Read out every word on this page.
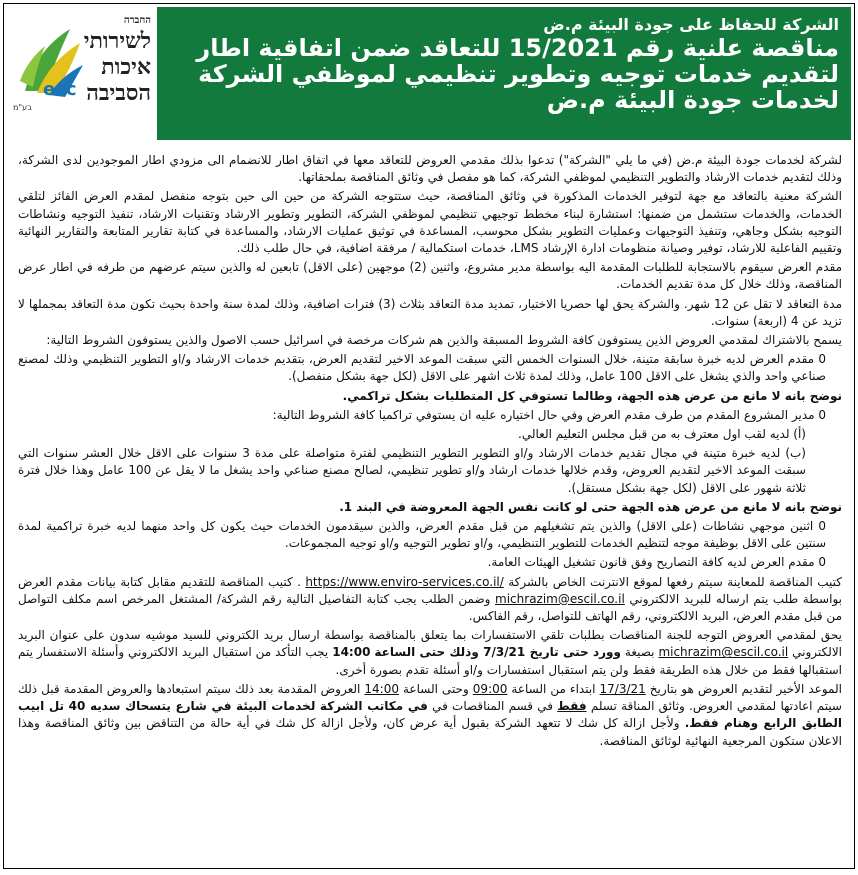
החברה
לשירותי
איכות
הסביבה
esc
בע"מ
الشركة للحفاظ على جودة البيئة م.ض
مناقصة علنية رقم 15/2021 للتعاقد ضمن اتفاقية اطار
لتقديم خدمات توجيه وتطوير تنظيمي لموظفي الشركة
لخدمات جودة البيئة م.ض

لشركة لخدمات جودة البيئة م.ض (في ما يلي "الشركة") تدعوا بذلك مقدمي العروض للتعاقد معها في اتفاق اطار للانضمام الى مزودي اطار الموجودين لدى الشركة، وذلك لتقديم خدمات الارشاد والتطوير التنظيمي لموظفي الشركة، كما هو مفصل في وثائق المناقصة بملحقاتها.

الشركة معنية بالتعاقد مع جهة لتوفير الخدمات المذكورة في وثائق المناقصة، حيث ستتوجه الشركة من حين الى حين بتوجه منفصل لمقدم العرض الفائز لتلقي الخدمات، والخدمات ستشمل من ضمنها: استشارة لبناء مخطط توجيهي تنظيمي لموظفي الشركة، التطوير وتطوير الارشاد وتقنيات الارشاد، تنفيذ التوجيه ونشاطات التوجيه بشكل وجاهي، وتنفيذ التوجيهات وعمليات التطوير بشكل محوسب، المساعدة في توثيق عمليات الارشاد، والمساعدة في كتابة تقارير المتابعة والتقارير النهائية وتقييم الفاعلية للارشاد، توفير وصيانة منظومات ادارة الإرشاد LMS، خدمات استكمالية / مرفقة اضافية، في حال طلب ذلك.

مقدم العرض سيقوم بالاستجابة للطلبات المقدمة اليه بواسطة مدير مشروع، واثنين (2) موجهين (على الاقل) تابعين له والذين سيتم عرضهم من طرفه في اطار عرض المناقصة، وذلك خلال كل مدة تقديم الخدمات.

مدة التعاقد لا تقل عن 12 شهر. والشركة يحق لها حصريا الاختيار، تمديد مدة التعاقد بثلاث (3) فترات اضافية، وذلك لمدة سنة واحدة بحيث تكون مدة التعاقد بمجملها لا تزيد عن 4 (اربعة) سنوات.

يسمح بالاشتراك لمقدمي العروض الذين يستوفون كافة الشروط المسبقة والذين هم شركات مرخصة في اسرائيل حسب الاصول والذين يستوفون الشروط التالية:

0 مقدم العرض لديه خبرة سابقة متينة، خلال السنوات الخمس التي سبقت الموعد الاخير لتقديم العرض، بتقديم خدمات الارشاد و/او التطوير التنظيمي وذلك لمصنع صناعي واحد والذي يشغل على الاقل 100 عامل، وذلك لمدة ثلاث اشهر على الاقل (لكل جهة بشكل منفصل).

نوضح بانه لا مانع من عرض هذه الجهة، وطالما تستوفي كل المتطلبات بشكل تراكمي.

0 مدير المشروع المقدم من طرف مقدم العرض وفي حال اختياره عليه ان يستوفي تراكميا كافة الشروط التالية:

(أ) لديه لقب اول معترف به من قبل مجلس التعليم العالي.

(ب) لديه خبرة متينة في مجال تقديم خدمات الارشاد و/او التطوير التطوير التنظيمي لفترة متواصلة على مدة 3 سنوات على الاقل خلال العشر سنوات التي سبقت الموعد الاخير لتقديم العروض، وقدم خلالها خدمات ارشاد و/او تطوير تنظيمي، لصالح مصنع صناعي واحد يشغل ما لا يقل عن 100 عامل وهذا خلال فترة ثلاثة شهور على الاقل (لكل جهة بشكل مستقل).

نوضح بانه لا مانع من عرض هذه الجهة حتى لو كانت نفس الجهة المعروضة في البند 1.

0 اثنين موجهي نشاطات (على الاقل) والذين يتم تشغيلهم من قبل مقدم العرض، والذين سيقدمون الخدمات حيث يكون كل واحد منهما لديه خبرة تراكمية لمدة سنتين على الاقل بوظيفة موجه لتنظيم الخدمات للتطوير التنظيمي، و/او تطوير التوجيه و/او توجيه المجموعات.

0 مقدم العرض لديه كافة التصاريح وفق قانون تشغيل الهيئات العامة.

كتيب المناقصة للمعاينة سيتم رفعها لموقع الانترنت الخاص بالشركة https://www.enviro-services.co.il/ . كتيب المناقصة للتقديم مقابل كتابة بيانات مقدم العرض بواسطة طلب يتم ارساله للبريد الالكتروني michrazim@escil.co.il وضمن الطلب يجب كتابة التفاصيل التالية رقم الشركة/ المشتغل المرخص اسم مكلف التواصل من قبل مقدم العرض، البريد الالكتروني، رقم الهاتف للتواصل، رقم الفاكس.

يحق لمقدمي العروض التوجه للجنة المناقصات بطلبات تلقي الاستفسارات بما يتعلق بالمناقصة بواسطة ارسال بريد الكتروني للسيد موشيه سدون على عنوان البريد الالكتروني michrazim@escil.co.il بصيغة وورد حتى تاريخ 7/3/21 وذلك حتى الساعة 14:00 يجب التأكد من استقبال البريد الالكتروني وأسئلة الاستفسار يتم استقبالها فقط من خلال هذه الطريقة فقط ولن يتم استقبال استفسارات و/او أسئلة تقدم بصورة أخرى.

الموعد الأخير لتقديم العروض هو بتاريخ 17/3/21 ابتداء من الساعة 09:00 وحتى الساعة 14:00 العروض المقدمة بعد ذلك سيتم استبعادها والعروض المقدمة قبل ذلك سيتم اعادتها لمقدمي العروض. وثائق المناقة تسلم فقط في قسم المناقصات في في مكاتب الشركة لخدمات البيئة في شارع يتسحاك سديه 40 تل ابيب الطابق الرابع وهنام فقط. ولأجل ازالة كل شك لا تتعهد الشركة بقبول أية عرض كان، ولأجل ازالة كل شك في أية حالة من التناقض بين وثائق المناقصة وهذا الاعلان ستكون المرجعية النهائية لوثائق المناقصة.
